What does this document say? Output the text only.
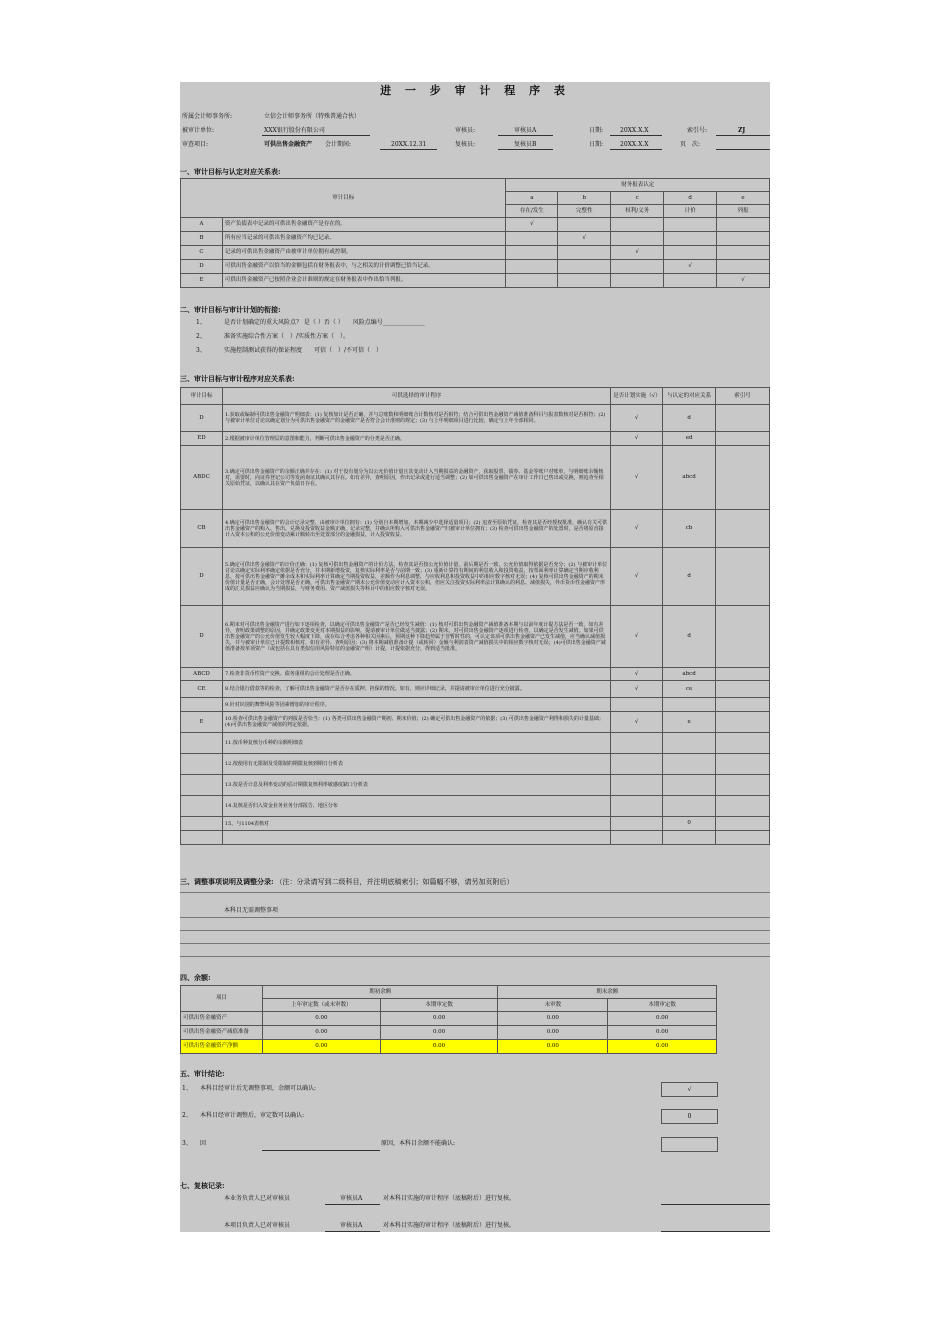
进 一 步 审 计 程 序 表
所属会计师事务所:	立信会计师事务所（特殊普通合伙）
被审计单位:	XXX银行股份有限公司	审核员:	审核员A	日期:	20XX.X.X	索引号:	ZJ
审查项目:	可供出售金融资产 会计期间:	20XX.12.31	复核员:	复核员B	日期:	20XX.X.X	页　次:
一、审计目标与认定对应关系表:
审计目标		财务报表认定				
		a	b	c	d	e
		存在/发生	完整性	权利/义务	计价	列报
A	资产负债表中记录的可供出售金融资产是存在的。	√				
B	所有应当记录的可供出售金融资产均已记录。		√			
C	记录的可供出售金融资产由被审计单位拥有或控制。			√		
D	可供出售金融资产以恰当的金额包括在财务报表中，与之相关的计价调整已恰当记录。				√	
E	可供出售金融资产已按照企业会计准则的规定在财务报表中作出恰当列报。					√
二、审计目标与审计计划的衔接:
1、	是否计划确定的重大风险点？ 是（ ）否（ ）　　风险点编号______________
2、	准备实施综合性方案（　）/实质性方案（　）。
3、	实施控制测试获得的保证程度　　可信（　）/不可信（　）
三、审计目标与审计程序对应关系表:
审计目标	可供选择的审计程序	是否计划实施（√）	与认定的对应关系	索引号
D	1.获取或编制可供出售金融资产明细表：(1) 复核加计是否正确，并与总账数和明细账合计数核对是否相符；结合可供出售金融资产减值准备科目与报表数核对是否相符；(2) 与被审计单位讨论以确定划分为可供出售金融资产的金融资产是否符合会计准则的规定；(3) 与上年明细项目进行比较，确定与上年全部相同。	√	d	
ED	2.根据被审计单位管理层的意图和能力，判断可供出售金融资产的分类是否正确。	√	ed	
ABDC	3.确定可供出售金融资产的余额正确并存在：(1) 对于没有划分为以公允价值计量且其变动计入当期损益的金融资产，获取股票、债券、基金等账户对账单，与明细账余额核对，需要时，向证券登记公司等发函询证其确认其存在。如有差异，查明原因，作出记录或进行适当调整；(2) 如可供出售金融资产在审计工作日已售出或兑换，则追查至相关原始凭证，以确认其在资产负债日存在。	√	abcd	
CB	4.确定可供出售金融资产的会计记录完整，由被审计单位拥有：(1) 分别自本期增加、本期减少中选择适量项目；(2) 追查至原始凭证，检查其是否经授权批准，确认有关可供出售金融资产的购入、售出、兑换及投资收益金额正确，记录完整，并确认所购入可供出售金融资产归被审计单位拥有；(3) 检查可供出售金融资产的处置时，是否将原直接计入资本公积的公允价值变动累计额转出至处置部分的金融损益，计入投资收益。	√	cb	
D	5.确定可供出售金融资产的计价正确：(1) 复核可供出售金融资产的计价方法，检查其是否按公允价值计量，前后期是否一致，公允价值取得依据是否充分；(2) 与被审计单位讨论以确定实际利率确定依据是否充分，并本期新增投资，复核实际利率是否与前期一致；(3) 重新计算持有期间的利息收入和投资收益，按票面利率计算确定当期应收利息，按可供出售金融资产摊余成本和实际利率计算确定当期投资收益，差额作为利息调整，与应收利息和投资收益中的相应数字核对无误；(4) 复核可供出售金融资产的期末价值计量是否正确，会计处理是否正确，可供出售金融资产期末公允价值变动应计入资本公积，但应关注投资实际利率法计算确认的利息、减值损失，外币货币性金融资产形成的汇兑损益应确认为当期损益，与财务费用、资产减值损失等科目中的相应数字核对无误。	√	d	
D	6.期末对可供出售金融资产进行如下逐项检查，以确定可供出售金融资产是否已经发生减值：(1) 核对可供出售金融资产减值准备本期与以前年度计提方法是否一致，如有差异，查明政策调整的原因，并确定政策变更对本期损益的影响，提请被审计单位做适当披露；(2) 期末，对可供出售金融资产逐项进行检查，以确定是否发生减值。如果可供出售金融资产的公允价值发生较大幅度下降，或在综合考虑各种相关因素后，预期这种下降趋势属于非暂时性的，可认定该项可供出售金融资产已发生减值，应当确认减值损失，并与被审计单位已计提数相核对，如有差异，查明原因；(3) 将本期减值准备计提（或转回）金额与利润表资产减值损失中的相应数字核对无误；(4)可供出售金融资产减值准备按单项资产（或包括在具有类似信用风险特征的金融资产组）计提，计提依据充分，得到适当批准。	√	d	
ABCD	7.检查非货币性资产交换、债务重组的会计处理是否正确。	√	abcd	
CE	8.结合银行借款等的检查，了解可供出售金融资产是否存在质押、担保的情况。如有，则应详细记录，并提请被审计单位进行充分披露。	√	ce	
	9.针对识别的舞弊风险等因素增加的审计程序。			
E	10.检查可供出售金融资产的列报是否恰当：(1) 各类可供出售金融资产期初、期末价值；(2) 确定可供出售金融资产的依据；(3) 可供出售金融资产利得和损失的计量基础；(4)可供出售金融资产减值的判定依据。	√	e	
	11.按币种复核分币种的余额明细表			
	12.按使用有无限制及受限制的期限复核到期日分析表			
	13.按是否计息及利率变动的估计期限复核利率敏感度缺口分析表			
	14.复核是否归入资金业务业务分部报告、地区分布			
	15、与1104表核对		0	

三、调整事项说明及调整分录: （注：分录请写到二级科目，并注明底稿索引；如篇幅不够，请另加页附后）
本科目无需调整事项
四、余额:
项目	期初余额		期末余额	
	上年审定数（或未审数）	本期审定数	未审数	本期审定数
可供出售金融资产	0.00	0.00	0.00	0.00
可供出售金融资产减值准备	0.00	0.00	0.00	0.00
可供出售金融资产净额	0.00	0.00	0.00	0.00
五、审计结论:
1、 本科目经审计后无调整事项，余额可以确认:	√
2、 本科目经审计调整后，审定数可以确认:	0
3、 因	原因，本科目余额不能确认:
七、复核记录:
本业务负责人已对审核员	审核员A	对本科目实施的审计程序（底稿附后）进行复核。
本项目负责人已对审核员	审核员A	对本科目实施的审计程序（底稿附后）进行复核。
